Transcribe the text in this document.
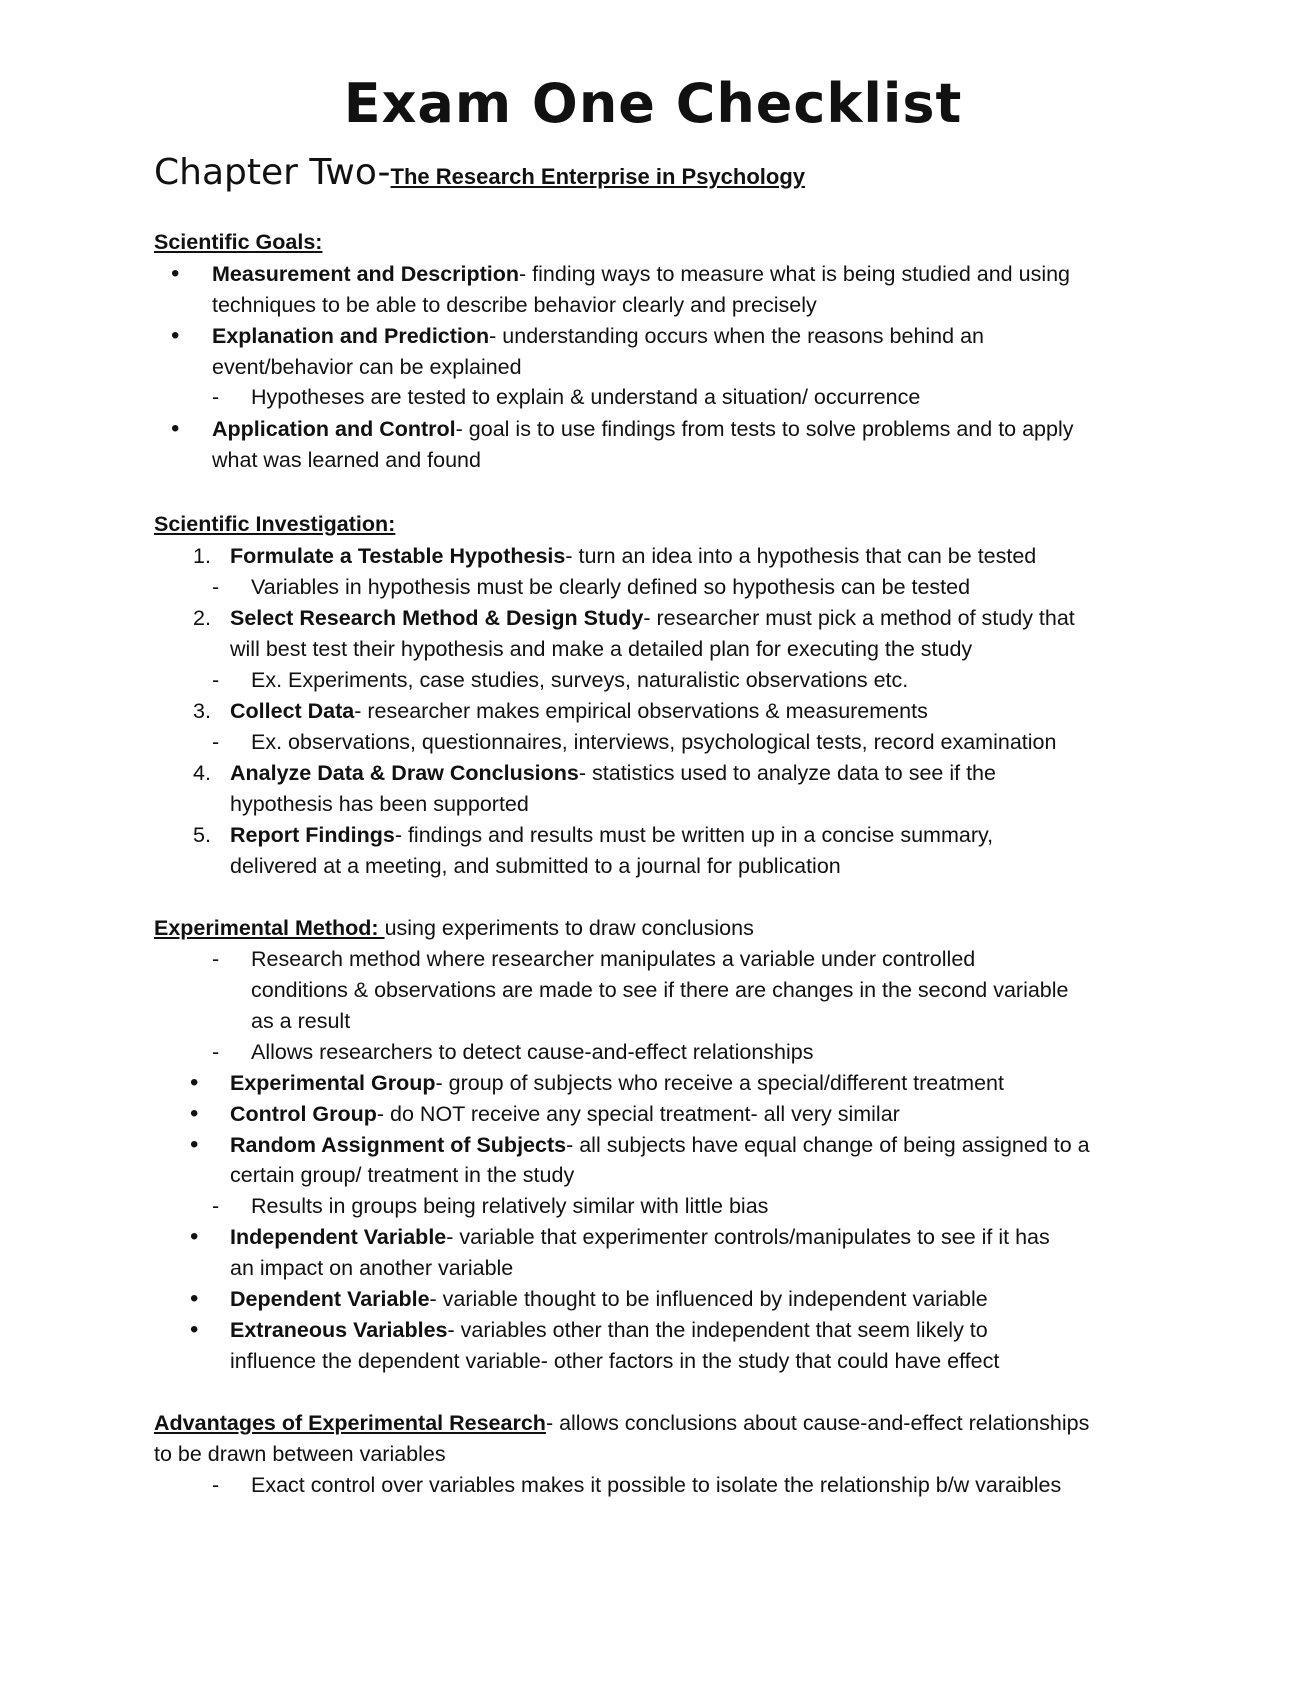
Exam One Checklist
Chapter Two-The Research Enterprise in Psychology
Scientific Goals:
• Measurement and Description- finding ways to measure what is being studied and using
techniques to be able to describe behavior clearly and precisely
• Explanation and Prediction- understanding occurs when the reasons behind an
event/behavior can be explained
- Hypotheses are tested to explain & understand a situation/ occurrence
• Application and Control- goal is to use findings from tests to solve problems and to apply
what was learned and found
Scientific Investigation:
1. Formulate a Testable Hypothesis- turn an idea into a hypothesis that can be tested
- Variables in hypothesis must be clearly defined so hypothesis can be tested
2. Select Research Method & Design Study- researcher must pick a method of study that
will best test their hypothesis and make a detailed plan for executing the study
- Ex. Experiments, case studies, surveys, naturalistic observations etc.
3. Collect Data- researcher makes empirical observations & measurements
- Ex. observations, questionnaires, interviews, psychological tests, record examination
4. Analyze Data & Draw Conclusions- statistics used to analyze data to see if the
hypothesis has been supported
5. Report Findings- findings and results must be written up in a concise summary,
delivered at a meeting, and submitted to a journal for publication
Experimental Method: using experiments to draw conclusions
- Research method where researcher manipulates a variable under controlled
conditions & observations are made to see if there are changes in the second variable
as a result
- Allows researchers to detect cause-and-effect relationships
• Experimental Group- group of subjects who receive a special/different treatment
• Control Group- do NOT receive any special treatment- all very similar
• Random Assignment of Subjects- all subjects have equal change of being assigned to a
certain group/ treatment in the study
- Results in groups being relatively similar with little bias
• Independent Variable- variable that experimenter controls/manipulates to see if it has
an impact on another variable
• Dependent Variable- variable thought to be influenced by independent variable
• Extraneous Variables- variables other than the independent that seem likely to
influence the dependent variable- other factors in the study that could have effect
Advantages of Experimental Research- allows conclusions about cause-and-effect relationships
to be drawn between variables
- Exact control over variables makes it possible to isolate the relationship b/w varaibles
